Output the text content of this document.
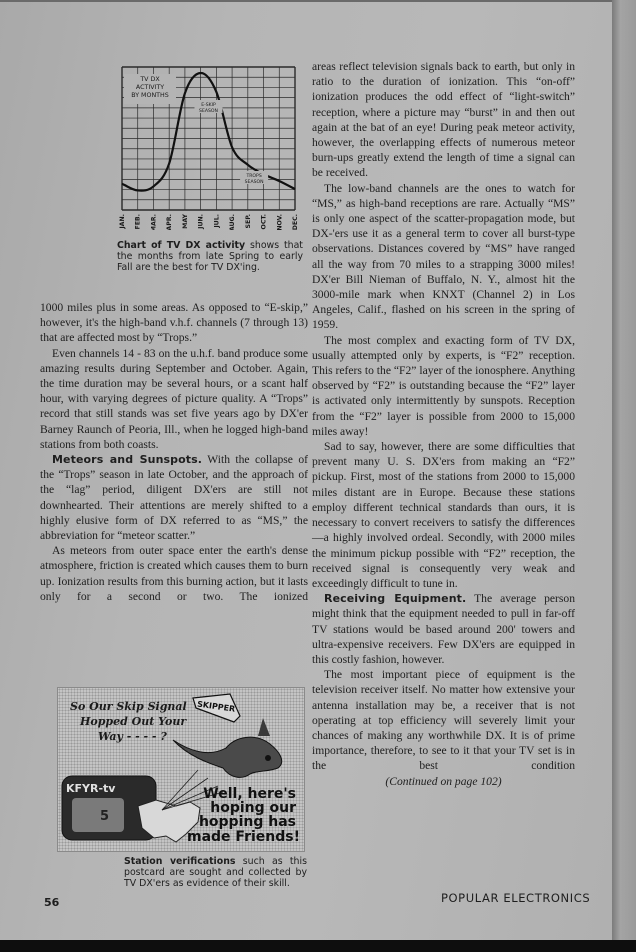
TV DX
ACTIVITY
BY MONTHS
E-SKIP
SEASON
TROPS
SEASON
JAN. FEB. MAR. APR. MAY JUN. JUL. AUG. SEP. OCT. NOV. DEC.
Chart of TV DX activity shows that the months from late Spring to early Fall are the best for TV DX'ing.

1000 miles plus in some areas. As opposed to “E-skip,” however, it's the high-band v.h.f. channels (7 through 13) that are affected most by “Trops.”

Even channels 14 - 83 on the u.h.f. band produce some amazing results during September and October. Again, the time duration may be several hours, or a scant half hour, with varying degrees of picture quality. A “Trops” record that still stands was set five years ago by DX'er Barney Raunch of Peoria, Ill., when he logged high-band stations from both coasts.

Meteors and Sunspots. With the collapse of the “Trops” season in late October, and the approach of the “lag” period, diligent DX'ers are still not downhearted. Their attentions are merely shifted to a highly elusive form of DX referred to as “MS,” the abbreviation for “meteor scatter.”

As meteors from outer space enter the earth's dense atmosphere, friction is created which causes them to burn up. Ionization results from this burning action, but it lasts only for a second or two. The ionized

So Our Skip Signal
Hopped Out Your
Way - - - - ?
SKIPPER
KFYR-tv
5
Well, here's
hoping our
hopping has
made Friends!
Station verifications such as this postcard are sought and collected by TV DX'ers as evidence of their skill.

areas reflect television signals back to earth, but only in ratio to the duration of ionization. This “on-off” ionization produces the odd effect of “light-switch” reception, where a picture may “burst” in and then out again at the bat of an eye! During peak meteor activity, however, the overlapping effects of numerous meteor burn-ups greatly extend the length of time a signal can be received.

The low-band channels are the ones to watch for “MS,” as high-band receptions are rare. Actually “MS” is only one aspect of the scatter-propagation mode, but DX-'ers use it as a general term to cover all burst-type observations. Distances covered by “MS” have ranged all the way from 70 miles to a strapping 3000 miles! DX'er Bill Nieman of Buffalo, N. Y., almost hit the 3000-mile mark when KNXT (Channel 2) in Los Angeles, Calif., flashed on his screen in the spring of 1959.

The most complex and exacting form of TV DX, usually attempted only by experts, is “F2” reception. This refers to the “F2” layer of the ionosphere. Anything observed by “F2” is outstanding because the “F2” layer is activated only intermittently by sunspots. Reception from the “F2” layer is possible from 2000 to 15,000 miles away!

Sad to say, however, there are some difficulties that prevent many U. S. DX'ers from making an “F2” pickup. First, most of the stations from 2000 to 15,000 miles distant are in Europe. Because these stations employ different technical standards than ours, it is necessary to convert receivers to satisfy the differences—a highly involved ordeal. Secondly, with 2000 miles the minimum pickup possible with “F2” reception, the received signal is consequently very weak and exceedingly difficult to tune in.

Receiving Equipment. The average person might think that the equipment needed to pull in far-off TV stations would be based around 200' towers and ultra-expensive receivers. Few DX'ers are equipped in this costly fashion, however.

The most important piece of equipment is the television receiver itself. No matter how extensive your antenna installation may be, a receiver that is not operating at top efficiency will severely limit your chances of making any worthwhile DX. It is of prime importance, therefore, to see to it that your TV set is in the best condition

(Continued on page 102)

56	POPULAR ELECTRONICS
